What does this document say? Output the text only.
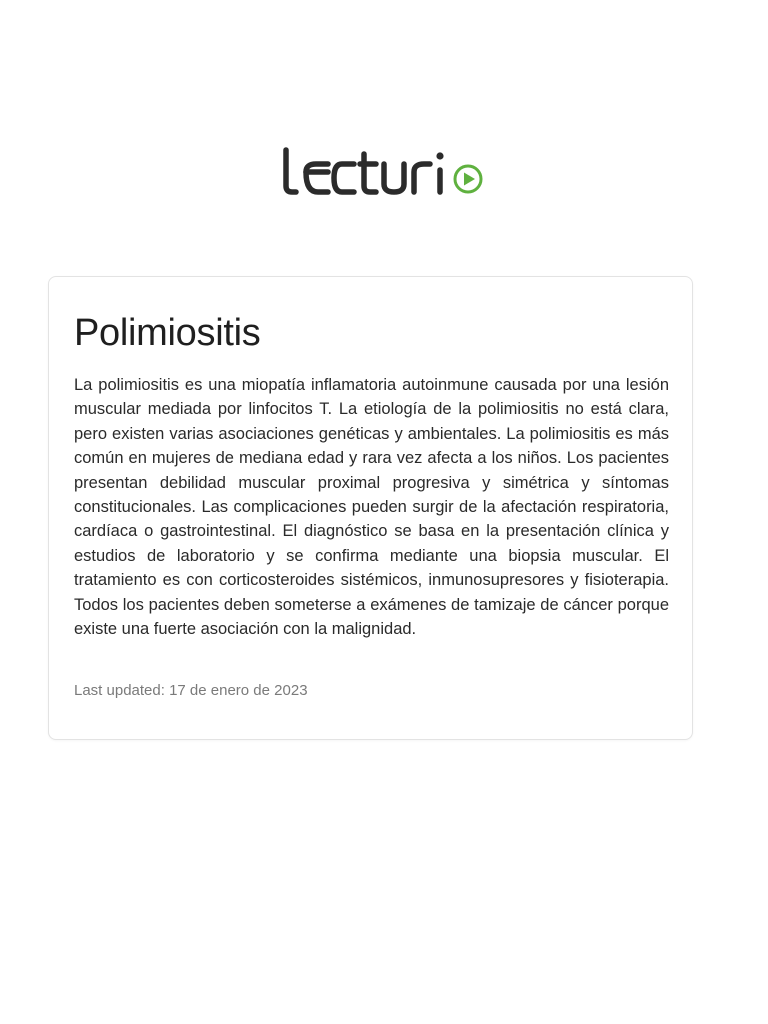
Polimiositis

La polimiositis es una miopatía inflamatoria autoinmune causada por una lesión muscular mediada por linfocitos T. La etiología de la polimiositis no está clara, pero existen varias asociaciones genéticas y ambientales. La polimiositis es más común en mujeres de mediana edad y rara vez afecta a los niños. Los pacientes presentan debilidad muscular proximal progresiva y simétrica y síntomas constitucionales. Las complicaciones pueden surgir de la afectación respiratoria, cardíaca o gastrointestinal. El diagnóstico se basa en la presentación clínica y estudios de laboratorio y se confirma mediante una biopsia muscular. El tratamiento es con corticosteroides sistémicos, inmunosupresores y fisioterapia. Todos los pacientes deben someterse a exámenes de tamizaje de cáncer porque existe una fuerte asociación con la malignidad.

Last updated: 17 de enero de 2023
